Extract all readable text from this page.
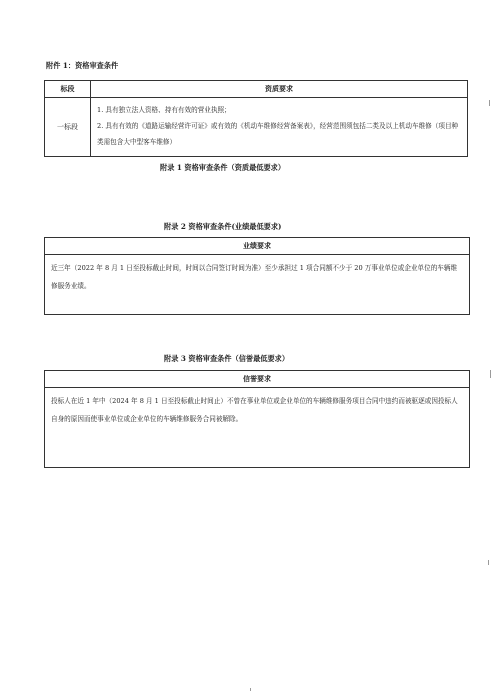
附件 1：资格审查条件
标段	资质要求
一标段	1. 具有独立法人资格、持有有效的营业执照；

2. 具有有效的《道路运输经营许可证》或有效的《机动车维修经营备案表》，经营范围须包括二类及以上机动车维修（项目种类需包含大中型客车维修）

附录 1 资格审查条件（资质最低要求）
附录 2 资格审查条件(业绩最低要求)
业绩要求
近三年（2022 年 8 月 1 日至投标截止时间，时间以合同签订时间为准）至少承担过 1 项合同额不少于 20 万事业单位或企业单位的车辆维修服务业绩。
附录 3 资格审查条件（信誉最低要求）
信誉要求
投标人在近 1 年中（2024 年 8 月 1 日至投标截止时间止）不曾在事业单位或企业单位的车辆维修服务项目合同中违约而被驱逐或因投标人自身的原因而使事业单位或企业单位的车辆维修服务合同被解除。
